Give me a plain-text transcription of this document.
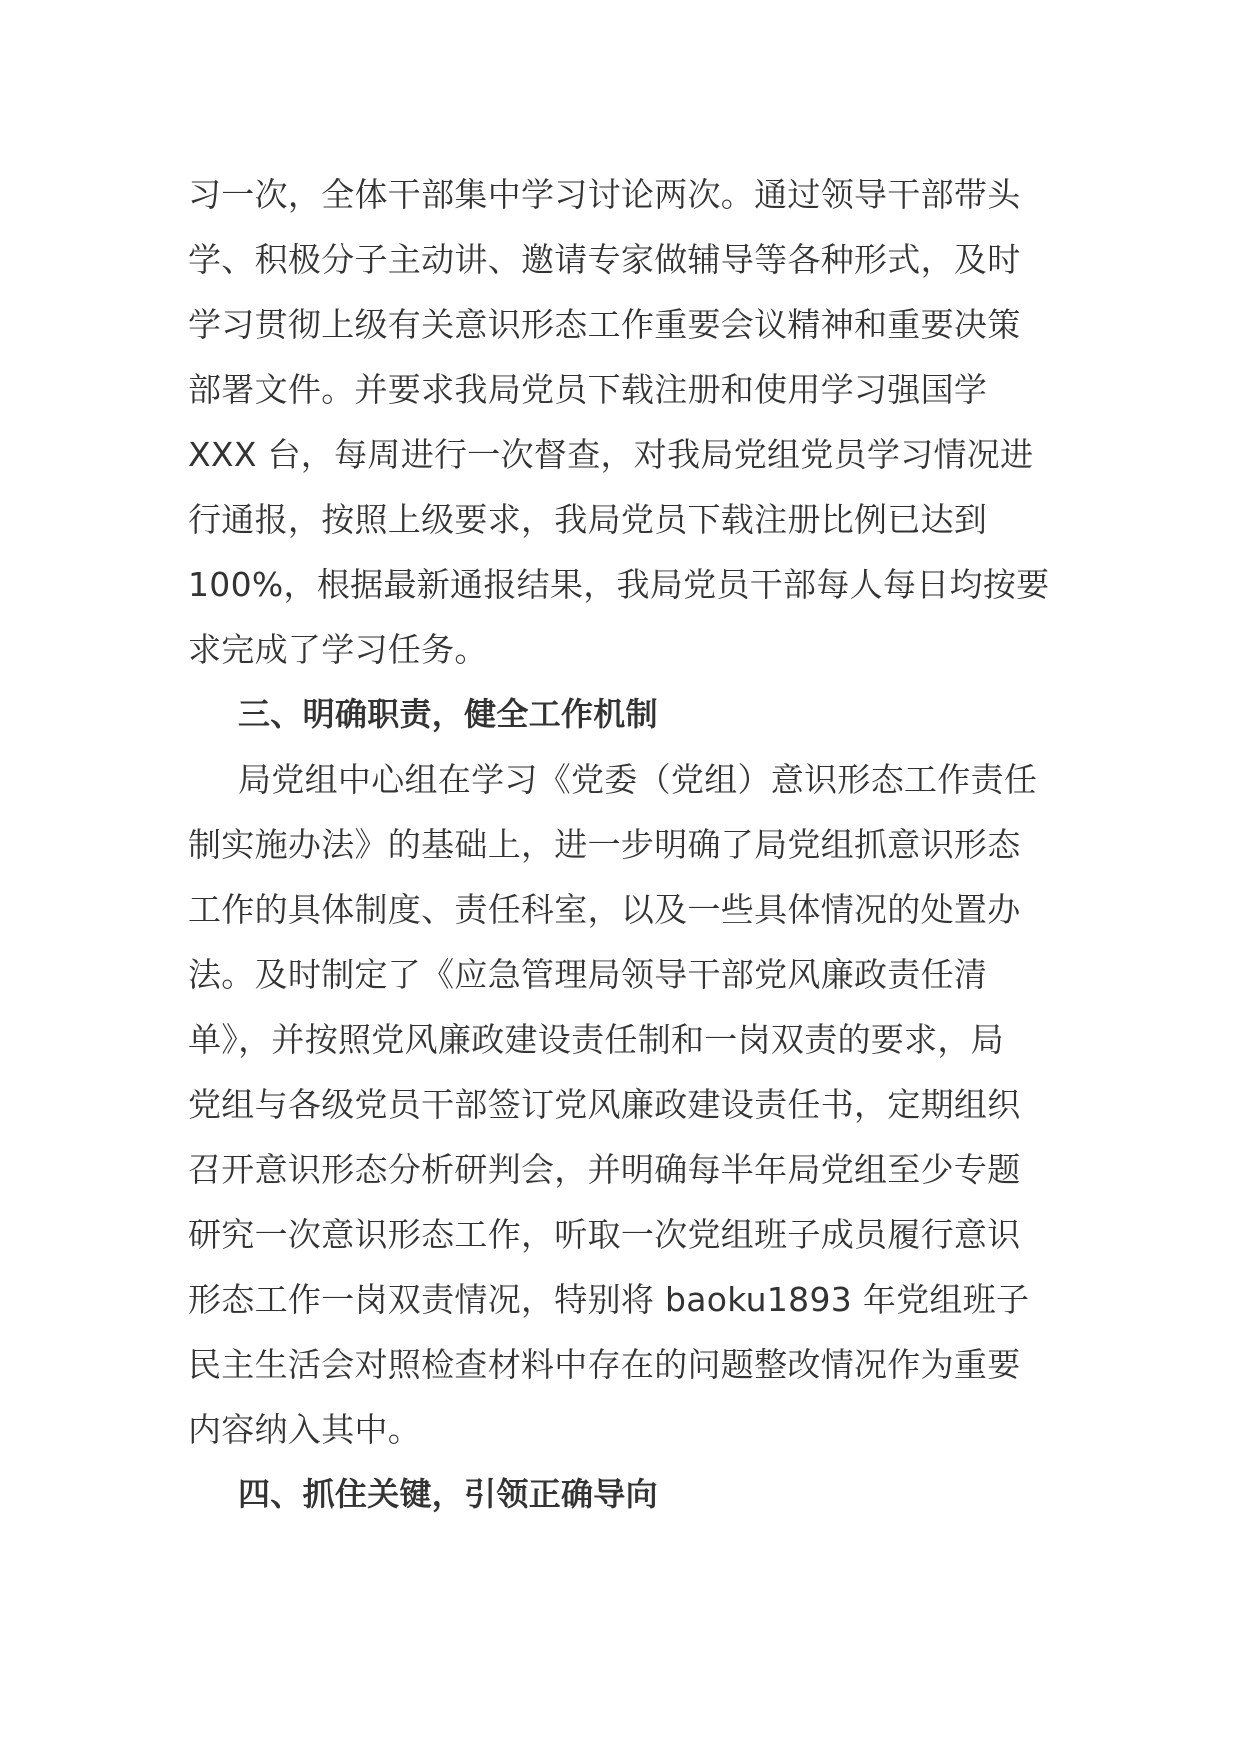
习一次，全体干部集中学习讨论两次。通过领导干部带头
学、积极分子主动讲、邀请专家做辅导等各种形式，及时
学习贯彻上级有关意识形态工作重要会议精神和重要决策
部署文件。并要求我局党员下载注册和使用学习强国学
XXX 台，每周进行一次督查，对我局党组党员学习情况进
行通报，按照上级要求，我局党员下载注册比例已达到
100%，根据最新通报结果，我局党员干部每人每日均按要
求完成了学习任务。
三、明确职责，健全工作机制
局党组中心组在学习《党委（党组）意识形态工作责任
制实施办法》的基础上，进一步明确了局党组抓意识形态
工作的具体制度、责任科室，以及一些具体情况的处置办
法。及时制定了《应急管理局领导干部党风廉政责任清
单》，并按照党风廉政建设责任制和一岗双责的要求，局
党组与各级党员干部签订党风廉政建设责任书，定期组织
召开意识形态分析研判会，并明确每半年局党组至少专题
研究一次意识形态工作，听取一次党组班子成员履行意识
形态工作一岗双责情况，特别将 baoku1893 年党组班子
民主生活会对照检查材料中存在的问题整改情况作为重要
内容纳入其中。
四、抓住关键，引领正确导向
